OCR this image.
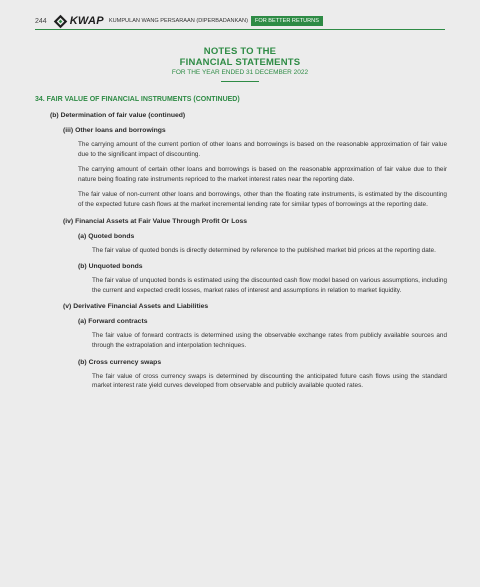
244 KWAP KUMPULAN WANG PERSARAAN (DIPERBADANKAN)	FOR BETTER RETURNS
NOTES TO THE
FINANCIAL STATEMENTS
FOR THE YEAR ENDED 31 DECEMBER 2022
34. FAIR VALUE OF FINANCIAL INSTRUMENTS (CONTINUED)
(b) Determination of fair value (continued)
(iii) Other loans and borrowings
The carrying amount of the current portion of other loans and borrowings is based on the reasonable approximation of fair value due to the significant impact of discounting.
The carrying amount of certain other loans and borrowings is based on the reasonable approximation of fair value due to their nature being floating rate instruments repriced to the market interest rates near the reporting date.
The fair value of non-current other loans and borrowings, other than the floating rate instruments, is estimated by the discounting of the expected future cash flows at the market incremental lending rate for similar types of borrowings at the reporting date.
(iv) Financial Assets at Fair Value Through Profit Or Loss
(a) Quoted bonds
The fair value of quoted bonds is directly determined by reference to the published market bid prices at the reporting date.
(b) Unquoted bonds
The fair value of unquoted bonds is estimated using the discounted cash flow model based on various assumptions, including the current and expected credit losses, market rates of interest and assumptions in relation to market liquidity.
(v) Derivative Financial Assets and Liabilities
(a) Forward contracts
The fair value of forward contracts is determined using the observable exchange rates from publicly available sources and through the extrapolation and interpolation techniques.
(b) Cross currency swaps
The fair value of cross currency swaps is determined by discounting the anticipated future cash flows using the standard market interest rate yield curves developed from observable and publicly available quoted rates.
